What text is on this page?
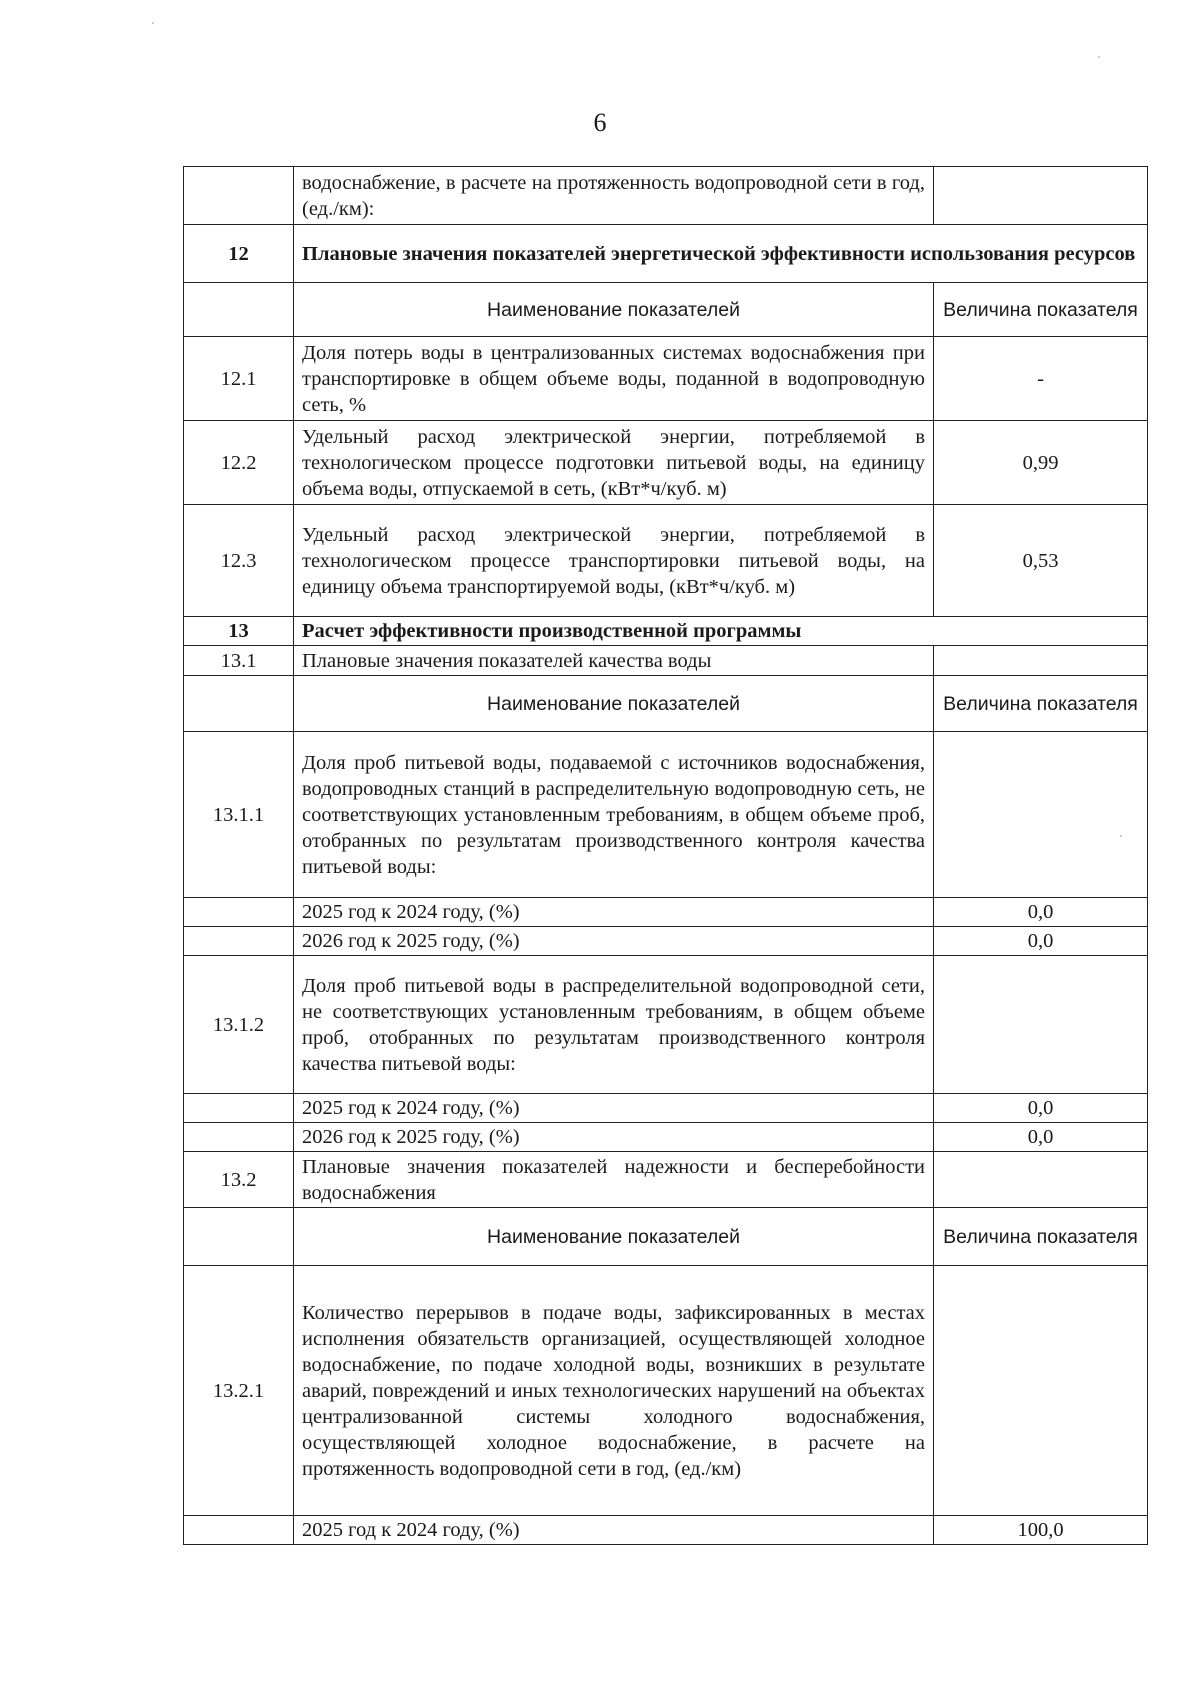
6
	водоснабжение, в расчете на протяженность водопроводной сети в год, (ед./км):	
12	Плановые значения показателей энергетической эффективности использования ресурсов	
	Наименование показателей	Величина показателя
12.1	Доля потерь воды в централизованных системах водоснабжения при транспортировке в общем объеме воды, поданной в водопроводную сеть, %	-
12.2	Удельный расход электрической энергии, потребляемой в технологическом процессе подготовки питьевой воды, на единицу объема воды, отпускаемой в сеть, (кВт*ч/куб. м)	0,99
12.3	Удельный расход электрической энергии, потребляемой в технологическом процессе транспортировки питьевой воды, на единицу объема транспортируемой воды, (кВт*ч/куб. м)	0,53
13	Расчет эффективности производственной программы	
13.1	Плановые значения показателей качества воды	
	Наименование показателей	Величина показателя
13.1.1	Доля проб питьевой воды, подаваемой с источников водоснабжения, водопроводных станций в распределительную водопроводную сеть, не соответствующих установленным требованиям, в общем объеме проб, отобранных по результатам производственного контроля качества питьевой воды:	
	2025 год к 2024 году, (%)	0,0
	2026 год к 2025 году, (%)	0,0
13.1.2	Доля проб питьевой воды в распределительной водопроводной сети, не соответствующих установленным требованиям, в общем объеме проб, отобранных по результатам производственного контроля качества питьевой воды:	
	2025 год к 2024 году, (%)	0,0
	2026 год к 2025 году, (%)	0,0
13.2	Плановые значения показателей надежности и бесперебойности водоснабжения	
	Наименование показателей	Величина показателя
13.2.1	Количество перерывов в подаче воды, зафиксированных в местах исполнения обязательств организацией, осуществляющей холодное водоснабжение, по подаче холодной воды, возникших в результате аварий, повреждений и иных технологических нарушений на объектах централизованной системы холодного водоснабжения, осуществляющей холодное водоснабжение, в расчете на протяженность водопроводной сети в год, (ед./км)	
	2025 год к 2024 году, (%)	100,0
